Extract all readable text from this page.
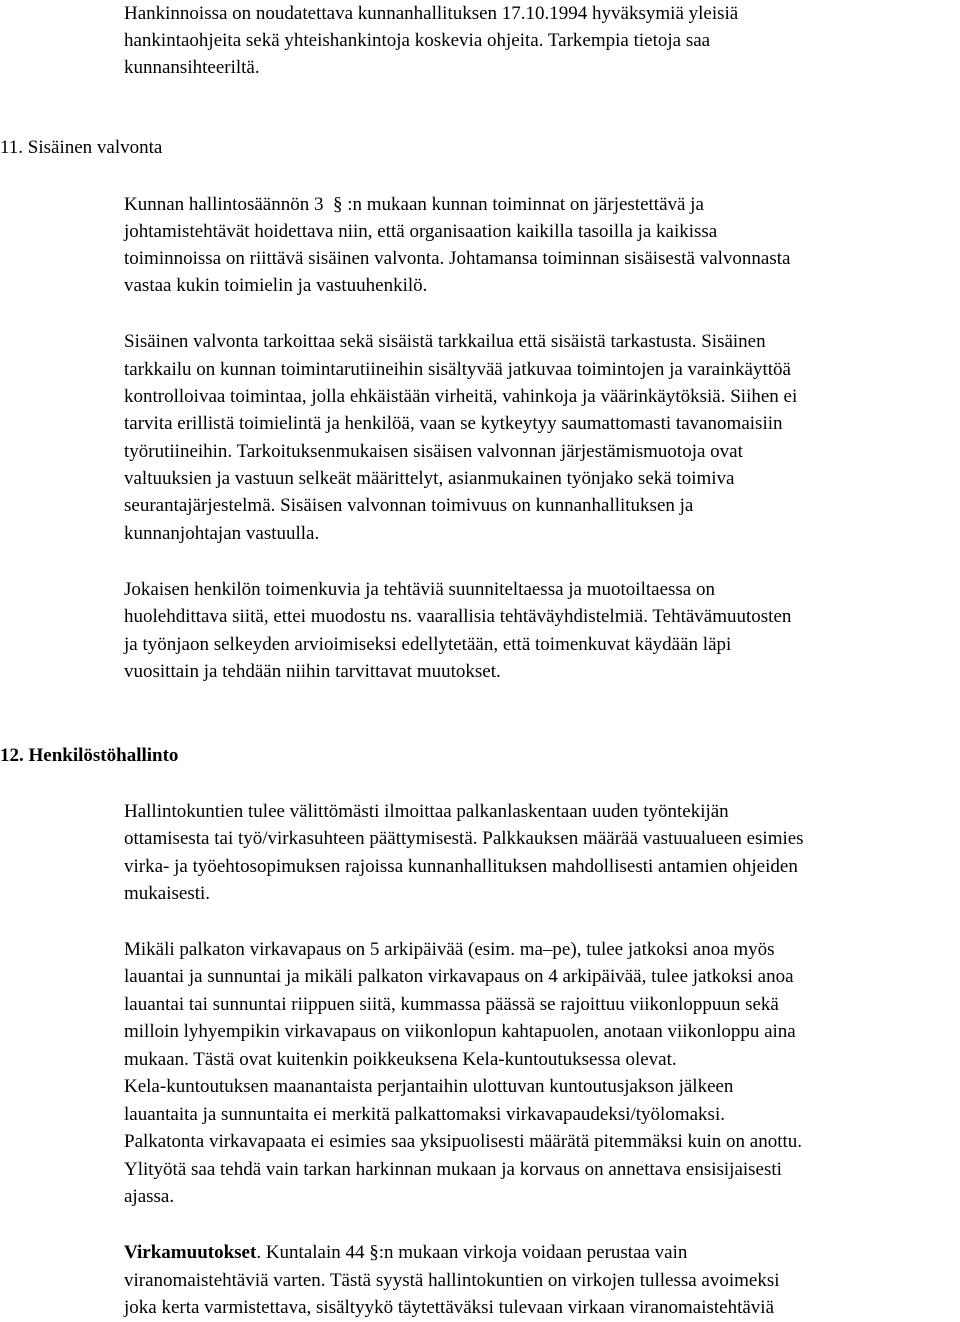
Hankinnoissa on noudatettava kunnanhallituksen 17.10.1994 hyväksymiä yleisiä
hankintaohjeita sekä yhteishankintoja koskevia ohjeita. Tarkempia tietoja saa
kunnansihteeriltä.
11. Sisäinen valvonta
Kunnan hallintosäännön 3 § :n mukaan kunnan toiminnat on järjestettävä ja
johtamistehtävät hoidettava niin, että organisaation kaikilla tasoilla ja kaikissa
toiminnoissa on riittävä sisäinen valvonta. Johtamansa toiminnan sisäisestä valvonnasta
vastaa kukin toimielin ja vastuuhenkilö.
Sisäinen valvonta tarkoittaa sekä sisäistä tarkkailua että sisäistä tarkastusta. Sisäinen
tarkkailu on kunnan toimintarutiineihin sisältyvää jatkuvaa toimintojen ja varainkäyttöä
kontrolloivaa toimintaa, jolla ehkäistään virheitä, vahinkoja ja väärinkäytöksiä. Siihen ei
tarvita erillistä toimielintä ja henkilöä, vaan se kytkeytyy saumattomasti tavanomaisiin
työrutiineihin. Tarkoituksenmukaisen sisäisen valvonnan järjestämismuotoja ovat
valtuuksien ja vastuun selkeät määrittelyt, asianmukainen työnjako sekä toimiva
seurantajärjestelmä. Sisäisen valvonnan toimivuus on kunnanhallituksen ja
kunnanjohtajan vastuulla.
Jokaisen henkilön toimenkuvia ja tehtäviä suunniteltaessa ja muotoiltaessa on
huolehdittava siitä, ettei muodostu ns. vaarallisia tehtäväyhdistelmiä. Tehtävämuutosten
ja työnjaon selkeyden arvioimiseksi edellytetään, että toimenkuvat käydään läpi
vuosittain ja tehdään niihin tarvittavat muutokset.
12. Henkilöstöhallinto
Hallintokuntien tulee välittömästi ilmoittaa palkanlaskentaan uuden työntekijän
ottamisesta tai työ/virkasuhteen päättymisestä. Palkkauksen määrää vastuualueen esimies
virka- ja työehtosopimuksen rajoissa kunnanhallituksen mahdollisesti antamien ohjeiden
mukaisesti.
Mikäli palkaton virkavapaus on 5 arkipäivää (esim. ma–pe), tulee jatkoksi anoa myös
lauantai ja sunnuntai ja mikäli palkaton virkavapaus on 4 arkipäivää, tulee jatkoksi anoa
lauantai tai sunnuntai riippuen siitä, kummassa päässä se rajoittuu viikonloppuun sekä
milloin lyhyempikin virkavapaus on viikonlopun kahtapuolen, anotaan viikonloppu aina
mukaan. Tästä ovat kuitenkin poikkeuksena Kela-kuntoutuksessa olevat.
Kela-kuntoutuksen maanantaista perjantaihin ulottuvan kuntoutusjakson jälkeen
lauantaita ja sunnuntaita ei merkitä palkattomaksi virkavapaudeksi/työlomaksi.
Palkatonta virkavapaata ei esimies saa yksipuolisesti määrätä pitemmäksi kuin on anottu.
Ylityötä saa tehdä vain tarkan harkinnan mukaan ja korvaus on annettava ensisijaisesti
ajassa.
Virkamuutokset. Kuntalain 44 §:n mukaan virkoja voidaan perustaa vain
viranomaistehtäviä varten. Tästä syystä hallintokuntien on virkojen tullessa avoimeksi
joka kerta varmistettava, sisältyykö täytettäväksi tulevaan virkaan viranomaistehtäviä
